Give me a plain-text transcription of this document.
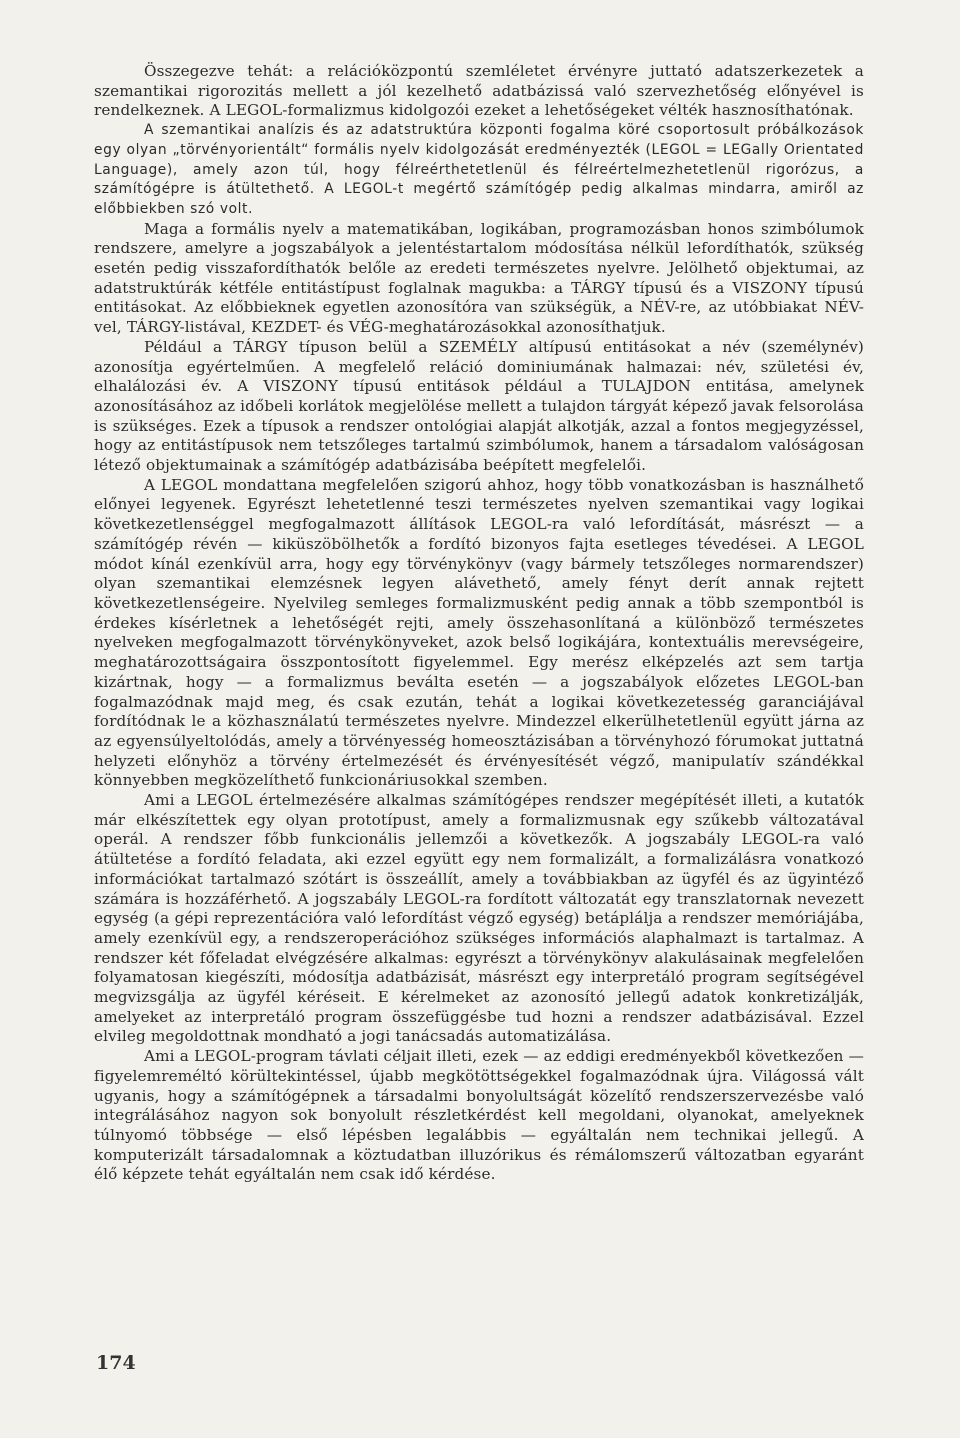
Összegezve tehát: a relációközpontú szemléletet érvényre juttató adatszerkezetek a szemantikai rigorozitás mellett a jól kezelhető adatbázissá való szervezhetőség előnyével is rendelkeznek. A LEGOL-formalizmus kidolgozói ezeket a lehetőségeket vélték hasznosíthatónak.

A szemantikai analízis és az adatstruktúra központi fogalma köré csoportosult próbálkozások egy olyan „törvényorientált“ formális nyelv kidolgozását eredményezték (LEGOL = LEGally Orientated Language), amely azon túl, hogy félreérthetetlenül és félreértelmezhetetlenül rigorózus, a számítógépre is átültethető. A LEGOL-t megértő számítógép pedig alkalmas mindarra, amiről az előbbiekben szó volt.

Maga a formális nyelv a matematikában, logikában, programozásban honos szimbólumok rendszere, amelyre a jogszabályok a jelentéstartalom módosítása nélkül lefordíthatók, szükség esetén pedig visszafordíthatók belőle az eredeti természetes nyelvre. Jelölhető objektumai, az adatstruktúrák kétféle entitástípust foglalnak magukba: a TÁRGY típusú és a VISZONY típusú entitásokat. Az előbbieknek egyetlen azonosítóra van szükségük, a NÉV-re, az utóbbiakat NÉV-vel, TÁRGY-listával, KEZDET- és VÉG-meghatározásokkal azonosíthatjuk.

Például a TÁRGY típuson belül a SZEMÉLY altípusú entitásokat a név (személynév) azonosítja egyértelműen. A megfelelő reláció dominiumának halmazai: név, születési év, elhalálozási év. A VISZONY típusú entitások például a TULAJDON entitása, amelynek azonosításához az időbeli korlátok megjelölése mellett a tulajdon tárgyát képező javak felsorolása is szükséges. Ezek a típusok a rendszer ontológiai alapját alkotják, azzal a fontos megjegyzéssel, hogy az entitástípusok nem tetszőleges tartalmú szimbólumok, hanem a társadalom valóságosan létező objektumainak a számítógép adatbázisába beépített megfelelői.

A LEGOL mondattana megfelelően szigorú ahhoz, hogy több vonatkozásban is használhető előnyei legyenek. Egyrészt lehetetlenné teszi természetes nyelven szemantikai vagy logikai következetlenséggel megfogalmazott állítások LEGOL-ra való lefordítását, másrészt — a számítógép révén — kiküszöbölhetők a fordító bizonyos fajta esetleges tévedései. A LEGOL módot kínál ezenkívül arra, hogy egy törvénykönyv (vagy bármely tetszőleges normarendszer) olyan szemantikai elemzésnek legyen alávethető, amely fényt derít annak rejtett következetlenségeire. Nyelvileg semleges formalizmusként pedig annak a több szempontból is érdekes kísérletnek a lehetőségét rejti, amely összehasonlítaná a különböző természetes nyelveken megfogalmazott törvénykönyveket, azok belső logikájára, kontextuális merevségeire, meghatározottságaira összpontosított figyelemmel. Egy merész elképzelés azt sem tartja kizártnak, hogy — a formalizmus beválta esetén — a jogszabályok előzetes LEGOL-ban fogalmazódnak majd meg, és csak ezután, tehát a logikai következetesség garanciájával fordítódnak le a közhasználatú természetes nyelvre. Mindezzel elkerülhetetlenül együtt járna az az egyensúlyeltolódás, amely a törvényesség homeosztázisában a törvényhozó fórumokat juttatná helyzeti előnyhöz a törvény értelmezését és érvényesítését végző, manipulatív szándékkal könnyebben megközelíthető funkcionáriusokkal szemben.

Ami a LEGOL értelmezésére alkalmas számítógépes rendszer megépítését illeti, a kutatók már elkészítettek egy olyan prototípust, amely a formalizmusnak egy szűkebb változatával operál. A rendszer főbb funkcionális jellemzői a következők. A jogszabály LEGOL-ra való átültetése a fordító feladata, aki ezzel együtt egy nem formalizált, a formalizálásra vonatkozó információkat tartalmazó szótárt is összeállít, amely a továbbiakban az ügyfél és az ügyintéző számára is hozzáférhető. A jogszabály LEGOL-ra fordított változatát egy transzlatornak nevezett egység (a gépi reprezentációra való lefordítást végző egység) betáplálja a rendszer memóriájába, amely ezenkívül egy, a rendszeroperációhoz szükséges információs alaphalmazt is tartalmaz. A rendszer két főfeladat elvégzésére alkalmas: egyrészt a törvénykönyv alakulásainak megfelelően folyamatosan kiegészíti, módosítja adatbázisát, másrészt egy interpretáló program segítségével megvizsgálja az ügyfél kéréseit. E kérelmeket az azonosító jellegű adatok konkretizálják, amelyeket az interpretáló program összefüggésbe tud hozni a rendszer adatbázisával. Ezzel elvileg megoldottnak mondható a jogi tanácsadás automatizálása.

Ami a LEGOL-program távlati céljait illeti, ezek — az eddigi eredményekből következően — figyelemreméltó körültekintéssel, újabb megkötöttségekkel fogalmazódnak újra. Világossá vált ugyanis, hogy a számítógépnek a társadalmi bonyolultságát közelítő rendszerszervezésbe való integrálásához nagyon sok bonyolult részletkérdést kell megoldani, olyanokat, amelyeknek túlnyomó többsége — első lépésben legalábbis — egyáltalán nem technikai jellegű. A komputerizált társadalomnak a köztudatban illuzórikus és rémálomszerű változatban egyaránt élő képzete tehát egyáltalán nem csak idő kérdése.

174
